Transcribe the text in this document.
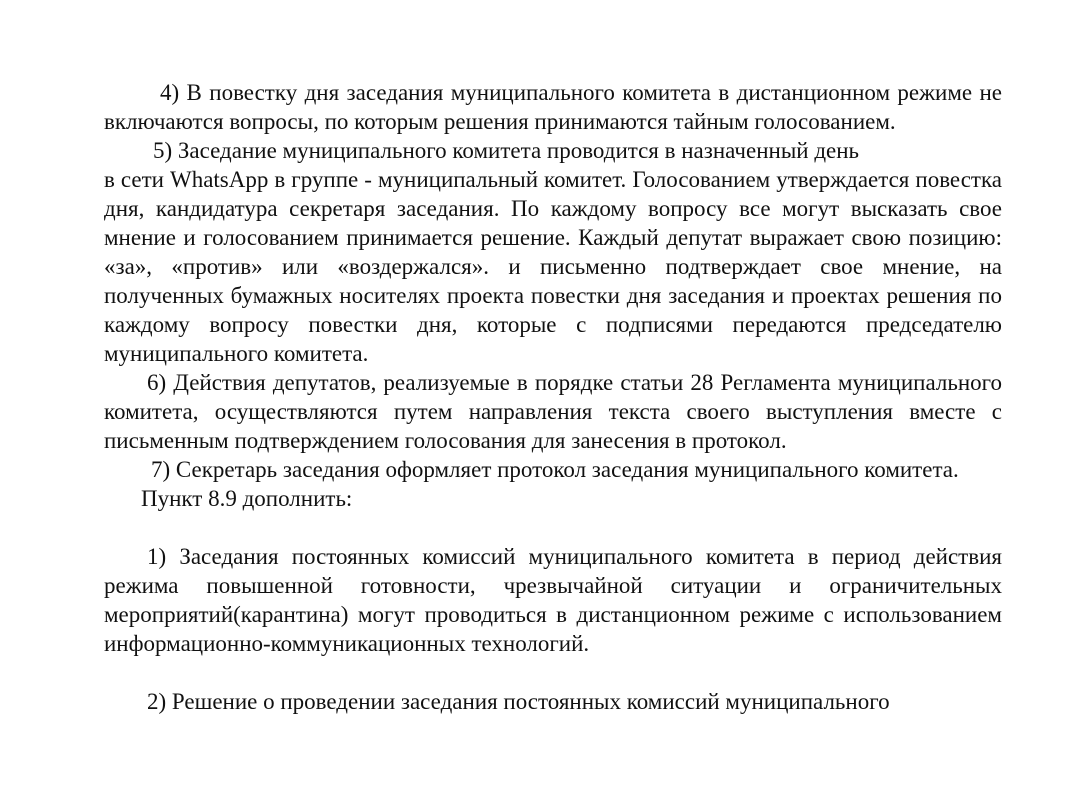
4) В повестку дня заседания муниципального комитета в дистанционном режиме не включаются вопросы, по которым решения принимаются тайным голосованием.

5) Заседание муниципального комитета проводится в назначенный день

в сети WhatsApp в группе - муниципальный комитет. Голосованием утверждается повестка дня, кандидатура секретаря заседания. По каждому вопросу все могут высказать свое мнение и голосованием принимается решение. Каждый депутат выражает свою позицию: «за», «против» или «воздержался». и письменно подтверждает свое мнение, на полученных бумажных носителях проекта повестки дня заседания и проектах решения по каждому вопросу повестки дня, которые с подписями передаются председателю муниципального комитета.

6) Действия депутатов, реализуемые в порядке статьи 28 Регламента муниципального комитета, осуществляются путем направления текста своего выступления вместе с письменным подтверждением голосования для занесения в протокол.

7) Секретарь заседания оформляет протокол заседания муниципального комитета.

Пункт 8.9 дополнить:

1) Заседания постоянных комиссий муниципального комитета в период действия режима повышенной готовности, чрезвычайной ситуации и ограничительных мероприятий(карантина) могут проводиться в дистанционном режиме с использованием информационно-коммуникационных технологий.

2) Решение о проведении заседания постоянных комиссий муниципального
